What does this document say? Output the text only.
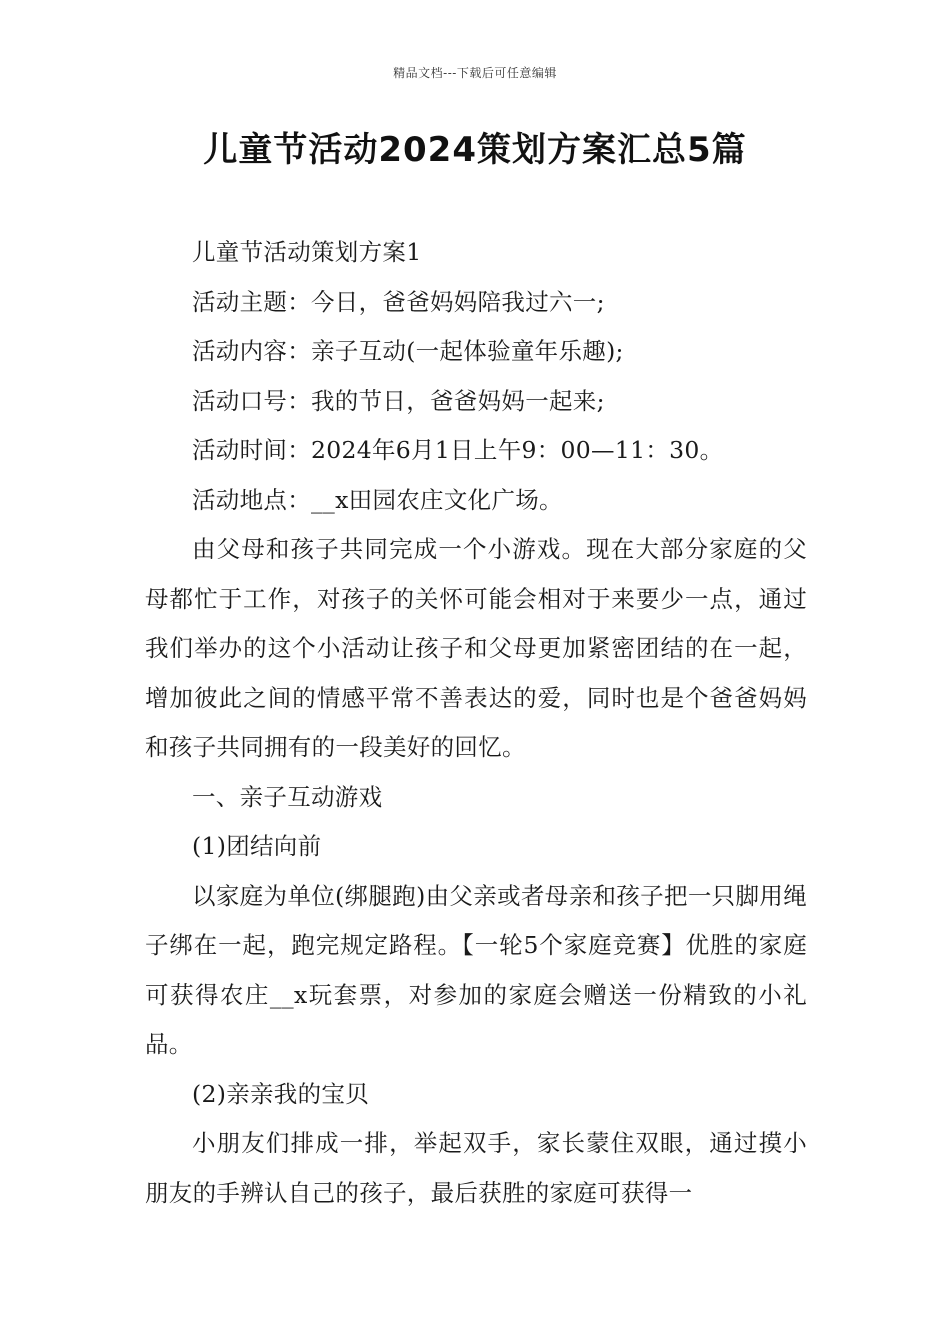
精品文档---下载后可任意编辑
儿童节活动2024策划方案汇总5篇

儿童节活动策划方案1

活动主题：今日，爸爸妈妈陪我过六一;

活动内容：亲子互动(一起体验童年乐趣);

活动口号：我的节日，爸爸妈妈一起来;

活动时间：2024年6月1日上午9：00—11：30。

活动地点：__x田园农庄文化广场。

由父母和孩子共同完成一个小游戏。现在大部分家庭的父母都忙于工作，对孩子的关怀可能会相对于来要少一点，通过我们举办的这个小活动让孩子和父母更加紧密团结的在一起，增加彼此之间的情感平常不善表达的爱，同时也是个爸爸妈妈和孩子共同拥有的一段美好的回忆。

一、亲子互动游戏

(1)团结向前

以家庭为单位(绑腿跑)由父亲或者母亲和孩子把一只脚用绳子绑在一起，跑完规定路程。【一轮5个家庭竞赛】优胜的家庭可获得农庄__x玩套票，对参加的家庭会赠送一份精致的小礼品。

(2)亲亲我的宝贝

小朋友们排成一排，举起双手，家长蒙住双眼，通过摸小朋友的手辨认自己的孩子，最后获胜的家庭可获得一
